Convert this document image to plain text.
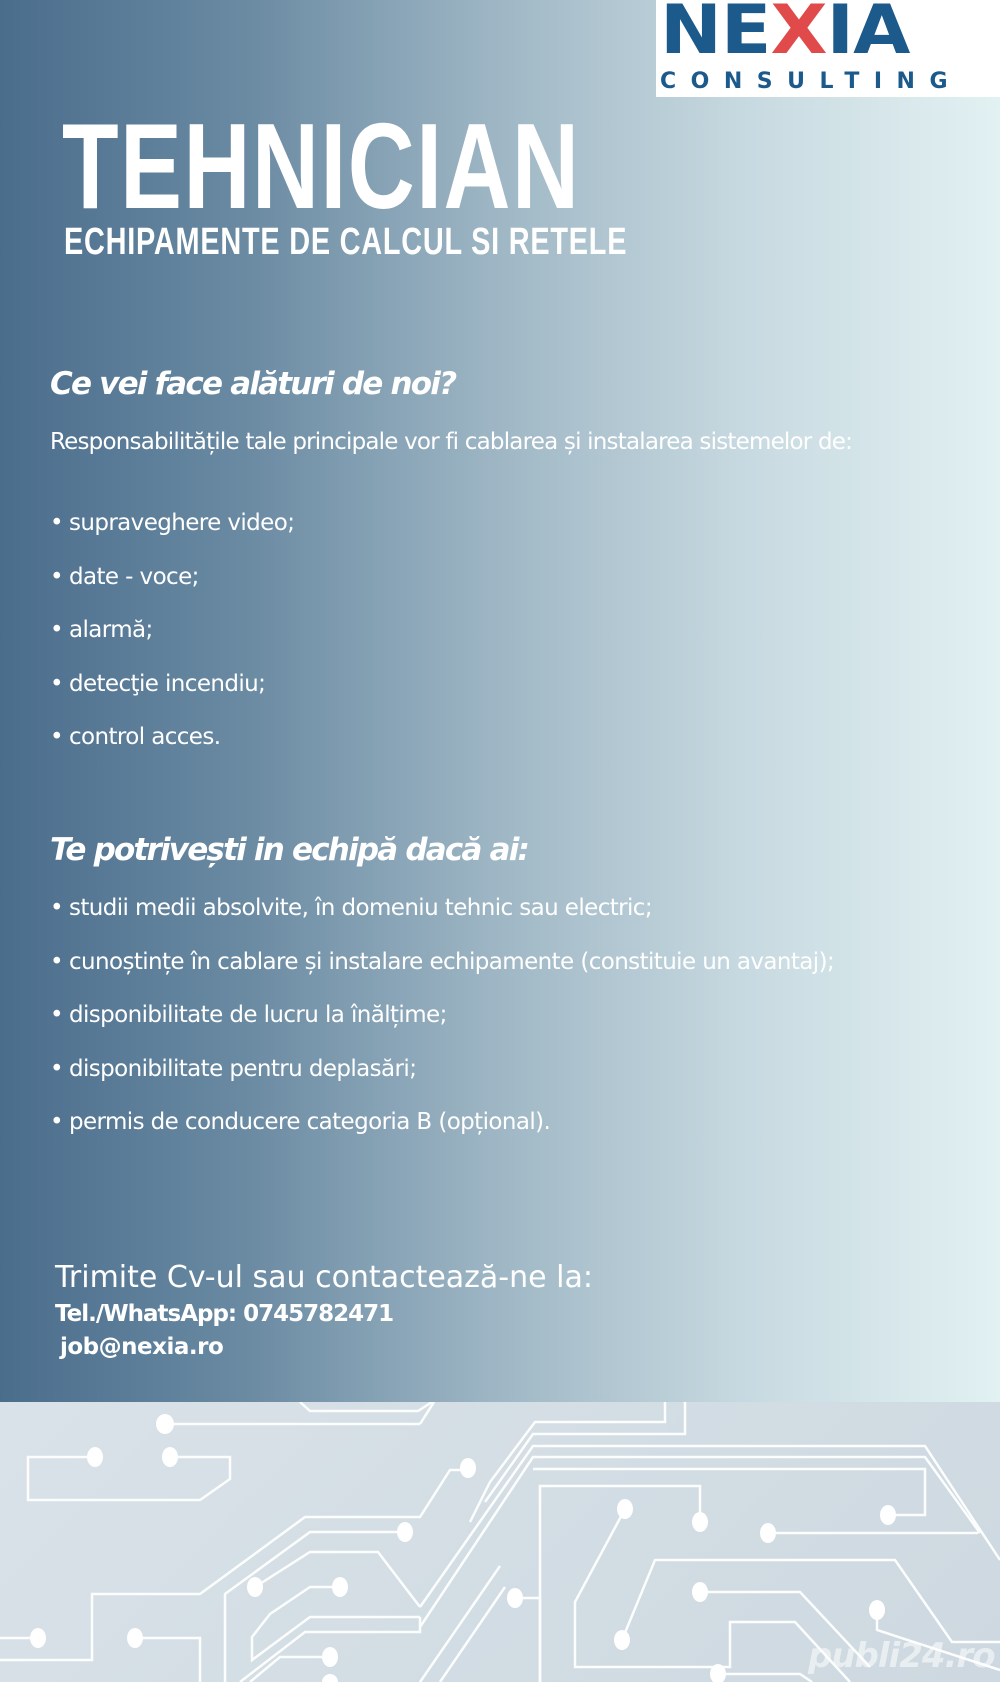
NEXIA
CONSULTING
TEHNICIAN
ECHIPAMENTE DE CALCUL SI RETELE
Ce vei face alături de noi?
Responsabilitățile tale principale vor fi cablarea și instalarea sistemelor de:
• supraveghere video;
• date - voce;
• alarmă;
• detecţie incendiu;
• control acces.
Te potrivești in echipă dacă ai:
• studii medii absolvite, în domeniu tehnic sau electric;
• cunoștințe în cablare și instalare echipamente (constituie un avantaj);
• disponibilitate de lucru la înălțime;
• disponibilitate pentru deplasări;
• permis de conducere categoria B (opțional).
Trimite Cv-ul sau contactează-ne la:
Tel./WhatsApp: 0745782471
job@nexia.ro
publi24.ro
